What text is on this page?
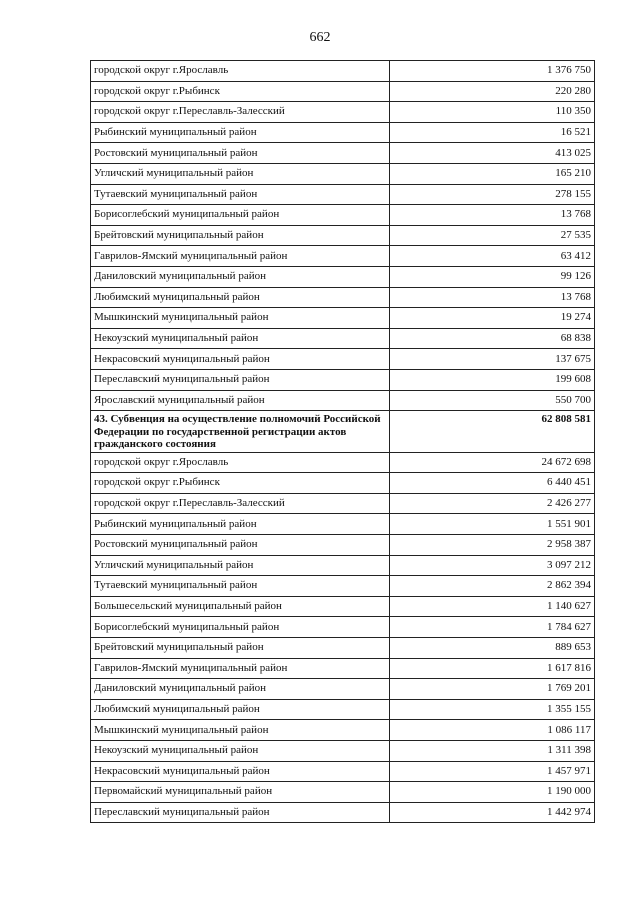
662
городской округ г.Ярославль	1 376 750
городской округ г.Рыбинск	220 280
городской округ г.Переславль-Залесский	110 350
Рыбинский муниципальный район	16 521
Ростовский муниципальный район	413 025
Угличский муниципальный район	165 210
Тутаевский муниципальный район	278 155
Борисоглебский муниципальный район	13 768
Брейтовский муниципальный район	27 535
Гаврилов-Ямский муниципальный район	63 412
Даниловский муниципальный район	99 126
Любимский муниципальный район	13 768
Мышкинский муниципальный район	19 274
Некоузский муниципальный район	68 838
Некрасовский муниципальный район	137 675
Переславский муниципальный район	199 608
Ярославский муниципальный район	550 700
43. Субвенция на осуществление полномочий Российской Федерации по государственной регистрации актов гражданского состояния	62 808 581
городской округ г.Ярославль	24 672 698
городской округ г.Рыбинск	6 440 451
городской округ г.Переславль-Залесский	2 426 277
Рыбинский муниципальный район	1 551 901
Ростовский муниципальный район	2 958 387
Угличский муниципальный район	3 097 212
Тутаевский муниципальный район	2 862 394
Большесельский муниципальный район	1 140 627
Борисоглебский муниципальный район	1 784 627
Брейтовский муниципальный район	889 653
Гаврилов-Ямский муниципальный район	1 617 816
Даниловский муниципальный район	1 769 201
Любимский муниципальный район	1 355 155
Мышкинский муниципальный район	1 086 117
Некоузский муниципальный район	1 311 398
Некрасовский муниципальный район	1 457 971
Первомайский муниципальный район	1 190 000
Переславский муниципальный район	1 442 974
